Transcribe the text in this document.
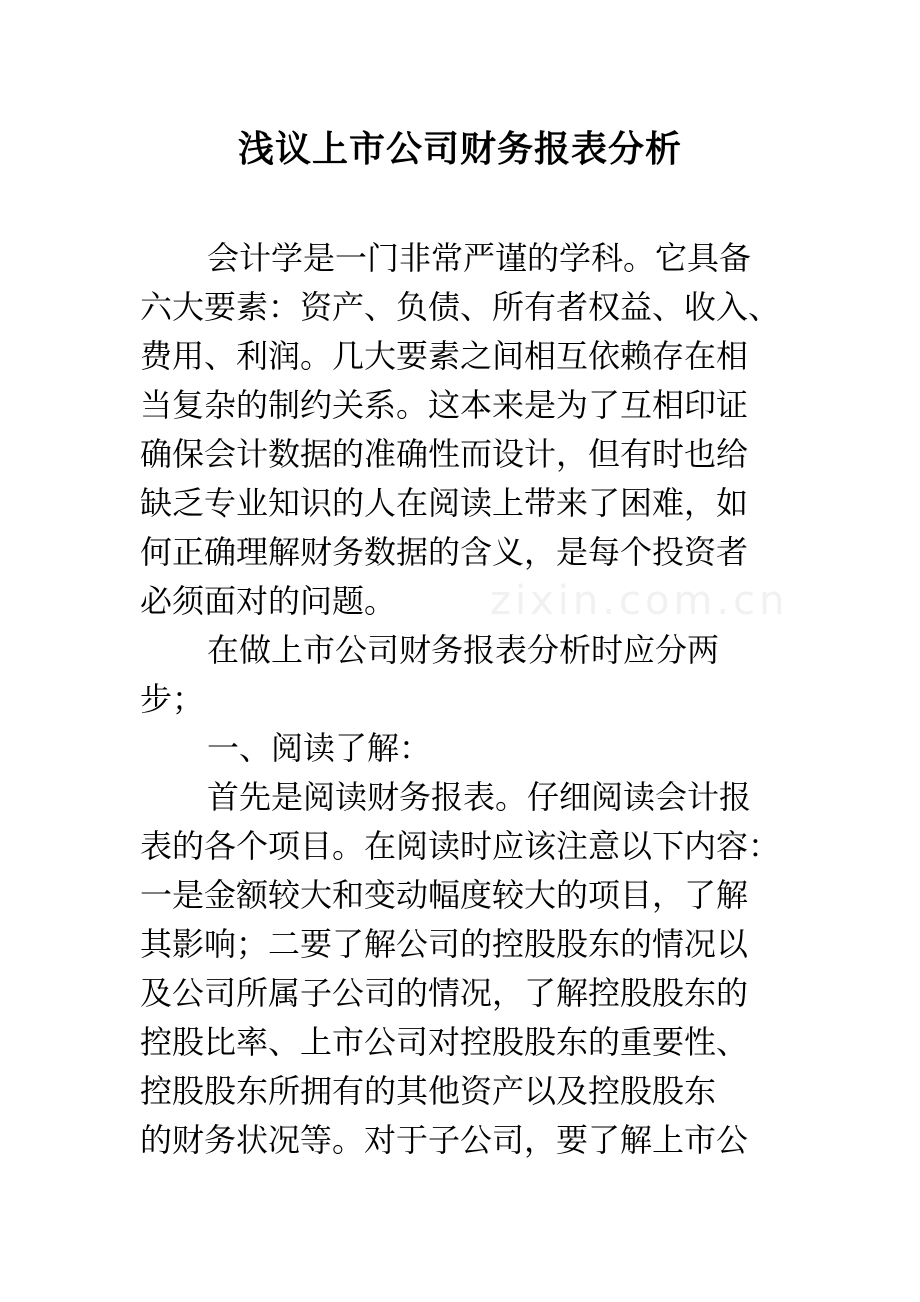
zixin.com.cn
浅议上市公司财务报表分析
会计学是一门非常严谨的学科。它具备
六大要素：资产、负债、所有者权益、收入、
费用、利润。几大要素之间相互依赖存在相
当复杂的制约关系。这本来是为了互相印证
确保会计数据的准确性而设计，但有时也给
缺乏专业知识的人在阅读上带来了困难，如
何正确理解财务数据的含义，是每个投资者
必须面对的问题。
在做上市公司财务报表分析时应分两
步；
一、阅读了解：
首先是阅读财务报表。仔细阅读会计报
表的各个项目。在阅读时应该注意以下内容：
一是金额较大和变动幅度较大的项目，了解
其影响；二要了解公司的控股股东的情况以
及公司所属子公司的情况，了解控股股东的
控股比率、上市公司对控股股东的重要性、
控股股东所拥有的其他资产以及控股股东
的财务状况等。对于子公司，要了解上市公
